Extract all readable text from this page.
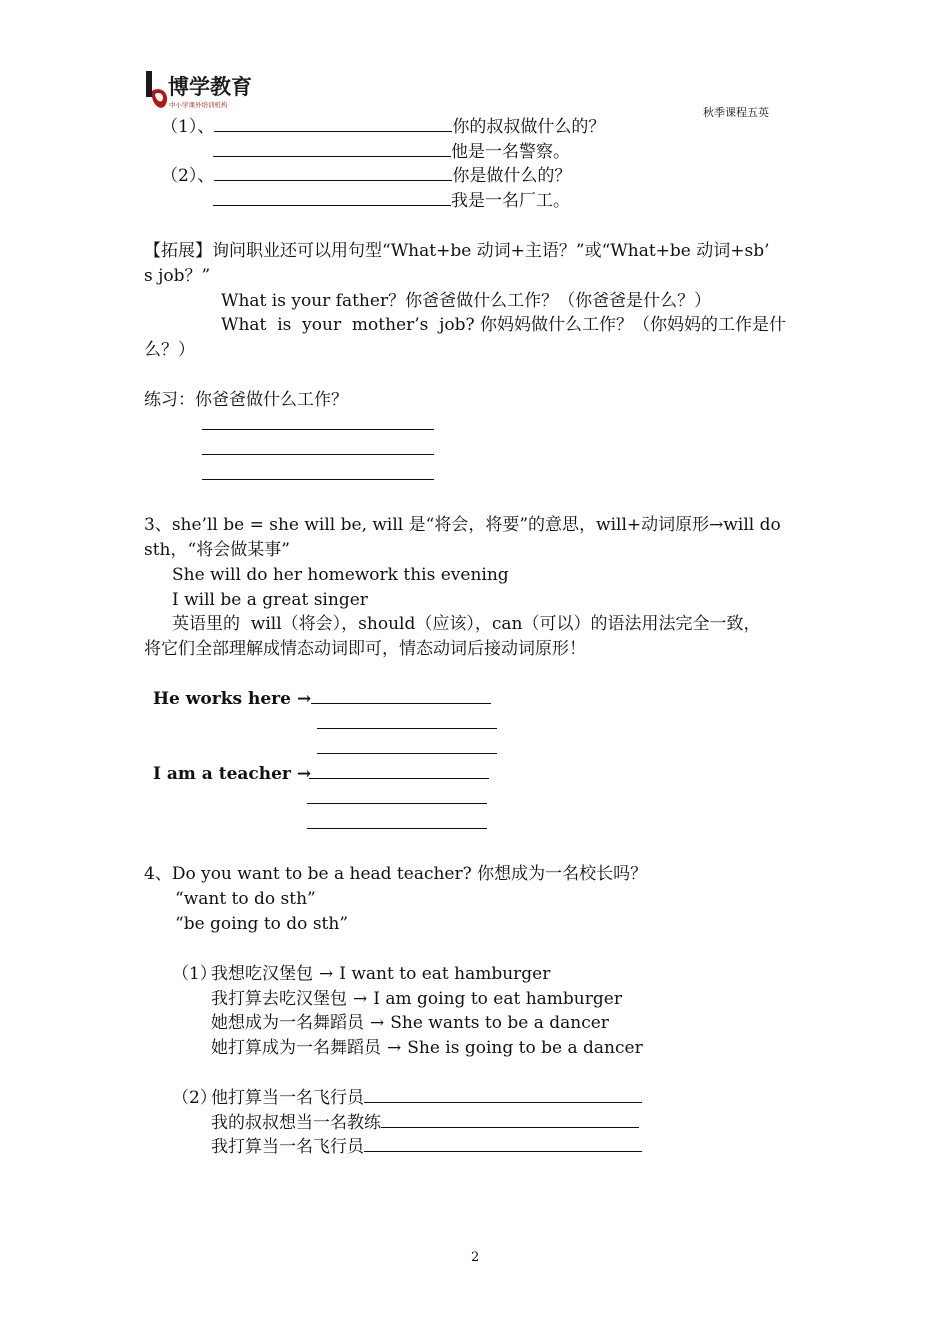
博学教育
中小学课外培训机构
秋季课程五英
（1）、	你的叔叔做什么的？
他是一名警察。
（2）、	你是做什么的？
我是一名厂工。
【拓展】询问职业还可以用句型“What+be 动词+主语？”或“What+be 动词+sb’
s job？”
What is your father？你爸爸做什么工作？（你爸爸是什么？）
What  is  your  mother’s  job? 你妈妈做什么工作？（你妈妈的工作是什
么？）
练习：你爸爸做什么工作？
3、she’ll be = she will be, will 是“将会，将要”的意思，will+动词原形→will do
sth，“将会做某事”
She will do her homework this evening
I will be a great singer
英语里的  will（将会），should（应该），can（可以）的语法用法完全一致，
将它们全部理解成情态动词即可，情态动词后接动词原形！
He works here →
I am a teacher →
4、Do you want to be a head teacher? 你想成为一名校长吗？
“want to do sth”
“be going to do sth”
（1）
我想吃汉堡包 → I want to eat hamburger
我打算去吃汉堡包 → I am going to eat hamburger
她想成为一名舞蹈员 → She wants to be a dancer
她打算成为一名舞蹈员 → She is going to be a dancer
（2）
他打算当一名飞行员
我的叔叔想当一名教练
我打算当一名飞行员
2
